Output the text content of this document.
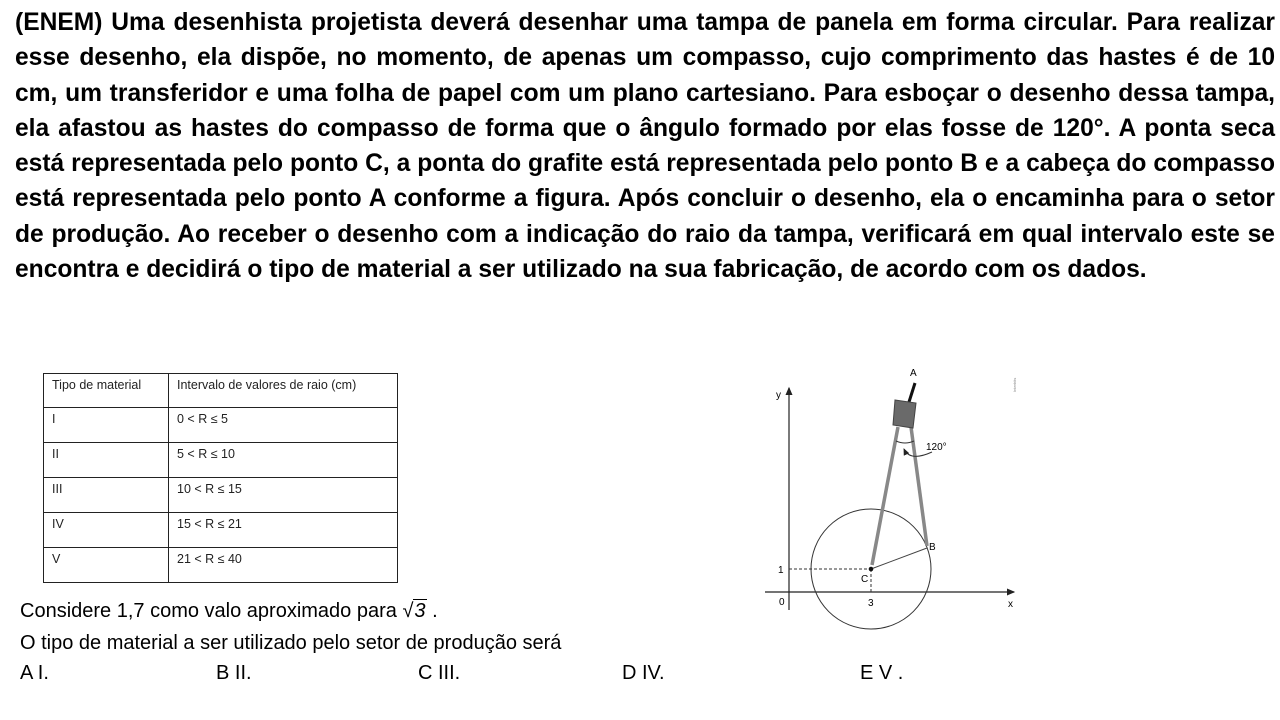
(ENEM) Uma desenhista projetista deverá desenhar uma tampa de panela em forma circular. Para realizar esse desenho, ela dispõe, no momento, de apenas um compasso, cujo comprimento das hastes é de 10 cm, um transferidor e uma folha de papel com um plano cartesiano. Para esboçar o desenho dessa tampa, ela afastou as hastes do compasso de forma que o ângulo formado por elas fosse de 120°. A ponta seca está representada pelo ponto C, a ponta do grafite está representada pelo ponto B e a cabeça do compasso está representada pelo ponto A conforme a figura. Após concluir o desenho, ela o encaminha para o setor de produção. Ao receber o desenho com a indicação do raio da tampa, verificará em qual intervalo este se encontra e decidirá o tipo de material a ser utilizado na sua fabricação, de acordo com os dados.

Tipo de material	Intervalo de valores de raio (cm)
I	0 < R ≤ 5
II	5 < R ≤ 10
III	10 < R ≤ 15
IV	15 < R ≤ 21
V	21 < R ≤ 40
A
B
C
y
x
0	3
1
120°
Interbits
Considere 1,7 como valo aproximado para √3 .
O tipo de material a ser utilizado pelo setor de produção será
A I.	B II.	C III.	D IV.	E V .
